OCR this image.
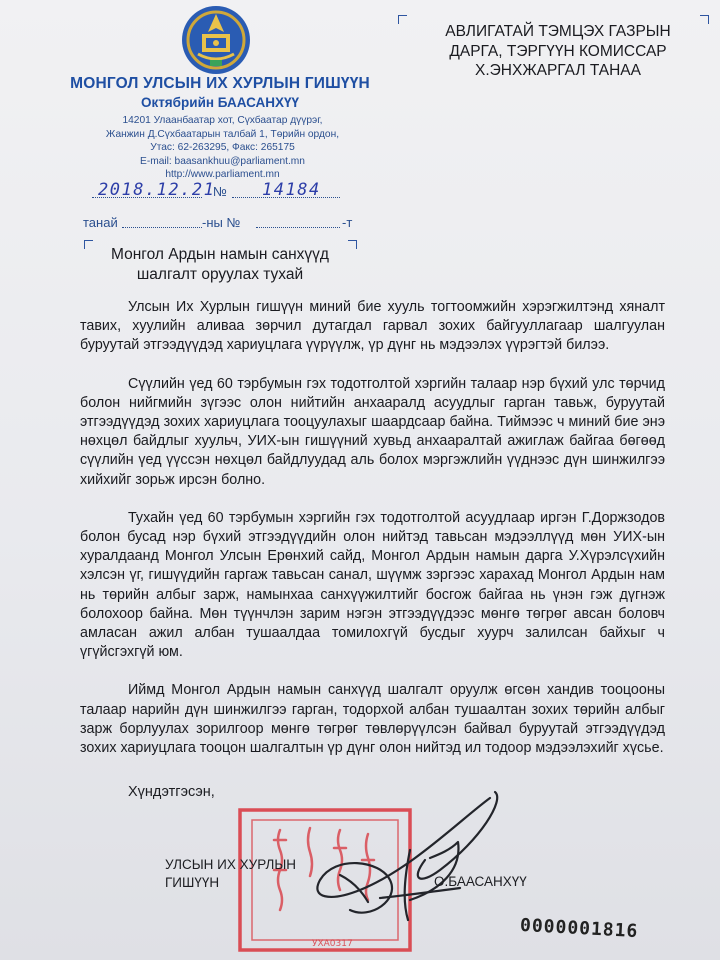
МОНГОЛ УЛСЫН ИХ ХУРЛЫН ГИШҮҮН
Октябрийн БААСАНХҮҮ
14201 Улаанбаатар хот, Сүхбаатар дүүрэг,
Жанжин Д.Сүхбаатарын талбай 1, Төрийн ордон,
Утас: 62-263295, Факс: 265175
E-mail: baasankhuu@parliament.mn
http://www.parliament.mn
АВЛИГАТАЙ ТЭМЦЭХ ГАЗРЫН
ДАРГА, ТЭРГҮҮН КОМИССАР
Х.ЭНХЖАРГАЛ ТАНАА
2018.12.21
№ 14184
танай	-ны №	-т
Монгол Ардын намын санхүүд
шалгалт оруулах тухай

Улсын Их Хурлын гишүүн миний бие хууль тогтоомжийн хэрэгжилтэнд хяналт тавих, хуулийн аливаа зөрчил дутагдал гарвал зохих байгууллагаар шалгуулан буруутай этгээдүүдэд хариуцлага үүрүүлж, үр дүнг нь мэдээлэх үүрэгтэй билээ.

Сүүлийн үед 60 тэрбумын гэх тодотголтой хэргийн талаар нэр бүхий улс төрчид болон нийгмийн зүгээс олон нийтийн анхааралд асуудлыг гарган тавьж, буруутай этгээдүүдэд зохих хариуцлага тооцуулахыг шаардсаар байна. Тиймээс ч миний бие энэ нөхцөл байдлыг хуульч, УИХ-ын гишүүний хувьд анхааралтай ажиглаж байгаа бөгөөд сүүлийн үед үүссэн нөхцөл байдлуудад аль болох мэргэжлийн үүднээс дүн шинжилгээ хийхийг зорьж ирсэн болно.

Тухайн үед 60 тэрбумын хэргийн гэх тодотголтой асуудлаар иргэн Г.Доржзодов болон бусад нэр бүхий этгээдүүдийн олон нийтэд тавьсан мэдээллүүд мөн УИХ-ын хуралдаанд Монгол Улсын Ерөнхий сайд, Монгол Ардын намын дарга У.Хүрэлсүхийн хэлсэн үг, гишүүдийн гаргаж тавьсан санал, шүүмж зэргээс харахад Монгол Ардын нам нь төрийн албыг зарж, намынхаа санхүүжилтийг босгож байгаа нь үнэн гэж дүгнэж болохоор байна. Мөн түүнчлэн зарим нэгэн этгээдүүдээс мөнгө төгрөг авсан боловч амласан ажил албан тушаалдаа томилохгүй бусдыг хуурч залилсан байхыг ч үгүйсгэхгүй юм.

Иймд Монгол Ардын намын санхүүд шалгалт оруулж өгсөн хандив тооцооны талаар нарийн дүн шинжилгээ гарган, тодорхой албан тушаалтан зохих төрийн албыг зарж борлуулах зорилгоор мөнгө төгрөг төвлөрүүлсэн байвал буруутай этгээдүүдэд зохих хариуцлага тооцон шалгалтын үр дүнг олон нийтэд ил тодоор мэдээлэхийг хүсье.

Хүндэтгэсэн,
УХА0317
УЛСЫН ИХ ХУРЛЫН
ГИШҮҮН	О.БААСАНХҮҮ
0000001816
